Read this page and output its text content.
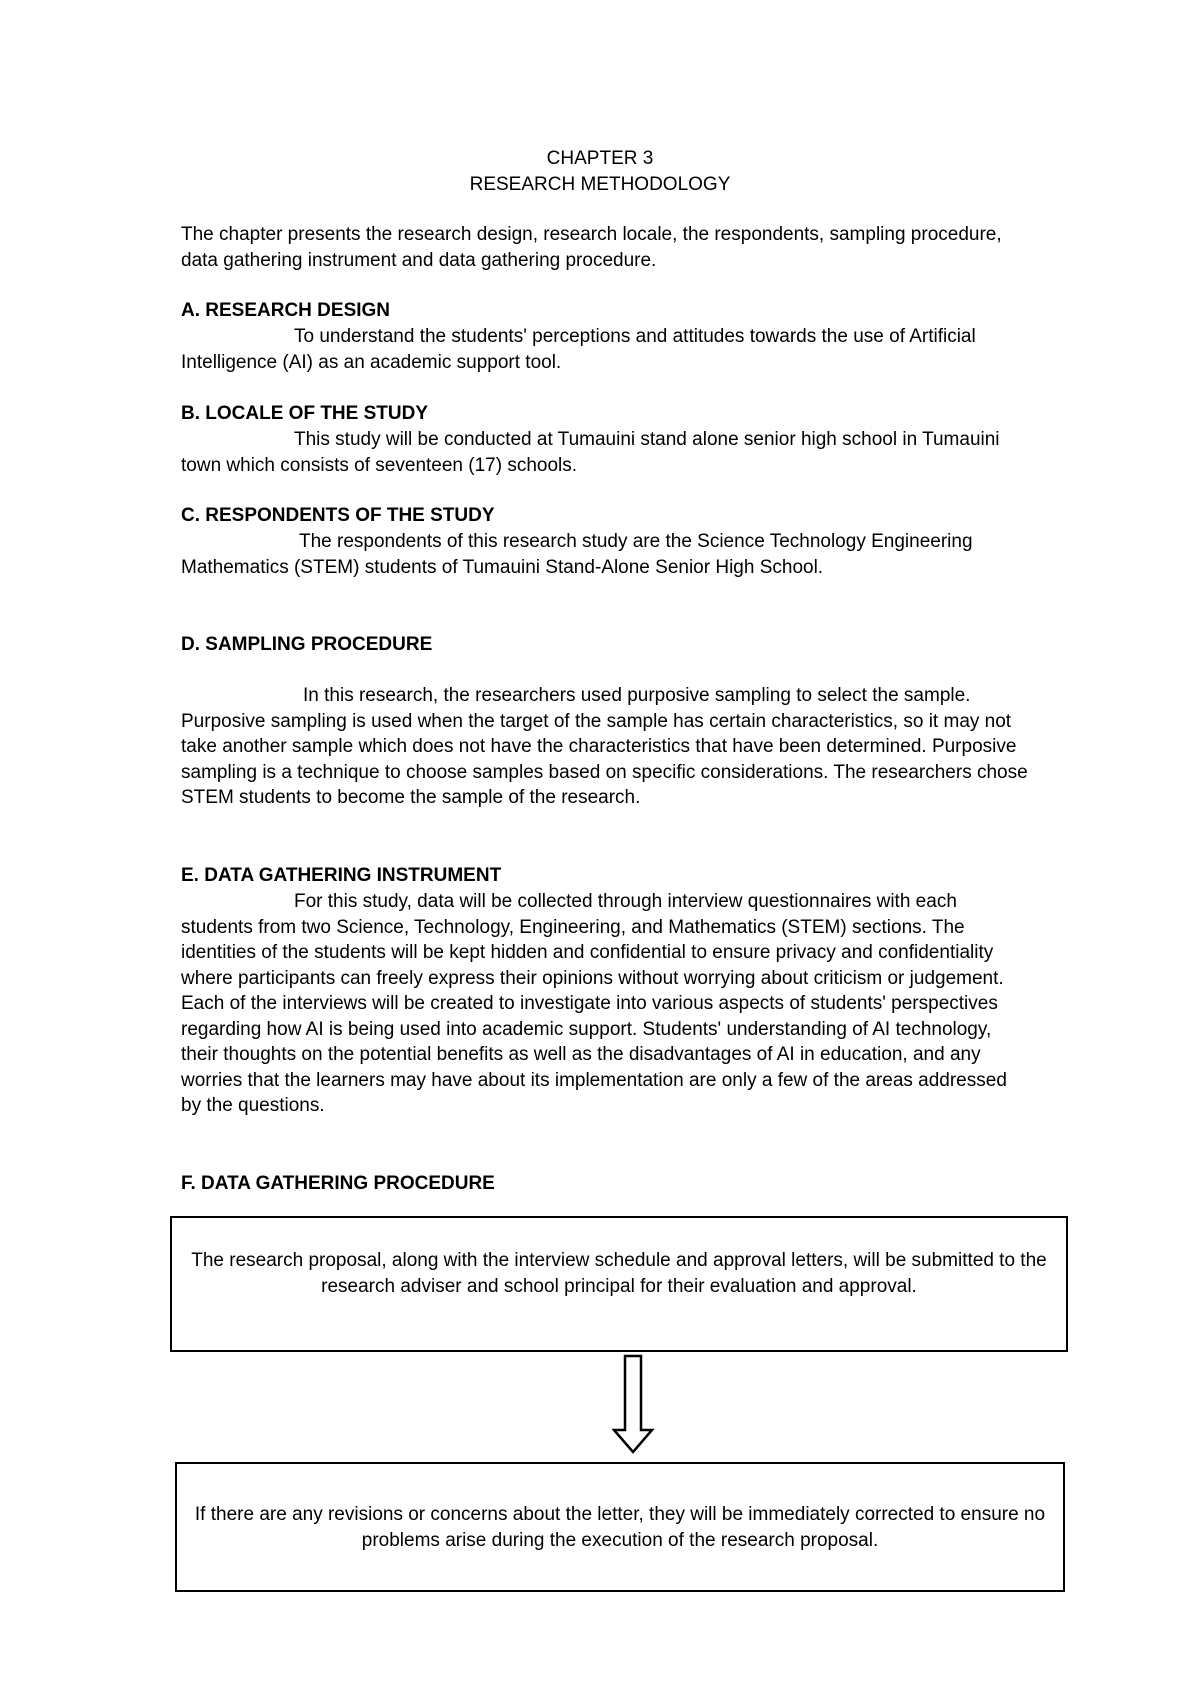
CHAPTER 3
RESEARCH METHODOLOGY

The chapter presents the research design, research locale, the respondents, sampling procedure, data gathering instrument and data gathering procedure.

A. RESEARCH DESIGN

To understand the students' perceptions and attitudes towards the use of Artificial Intelligence (AI) as an academic support tool.

B. LOCALE OF THE STUDY

This study will be conducted at Tumauini stand alone senior high school in Tumauini town which consists of seventeen (17) schools.

C. RESPONDENTS OF THE STUDY

The respondents of this research study are the Science Technology Engineering Mathematics (STEM) students of Tumauini Stand-Alone Senior High School.

D. SAMPLING PROCEDURE

In this research, the researchers used purposive sampling to select the sample. Purposive sampling is used when the target of the sample has certain characteristics, so it may not take another sample which does not have the characteristics that have been determined. Purposive sampling is a technique to choose samples based on specific considerations. The researchers chose STEM students to become the sample of the research.

E. DATA GATHERING INSTRUMENT

For this study, data will be collected through interview questionnaires with each students from two Science, Technology, Engineering, and Mathematics (STEM) sections. The identities of the students will be kept hidden and confidential to ensure privacy and confidentiality where participants can freely express their opinions without worrying about criticism or judgement. Each of the interviews will be created to investigate into various aspects of students' perspectives regarding how AI is being used into academic support. Students' understanding of AI technology, their thoughts on the potential benefits as well as the disadvantages of AI in education, and any worries that the learners may have about its implementation are only a few of the areas addressed by the questions.

F. DATA GATHERING PROCEDURE
The research proposal, along with the interview schedule and approval letters, will be submitted to the research adviser and school principal for their evaluation and approval.
If there are any revisions or concerns about the letter, they will be immediately corrected to ensure no problems arise during the execution of the research proposal.
